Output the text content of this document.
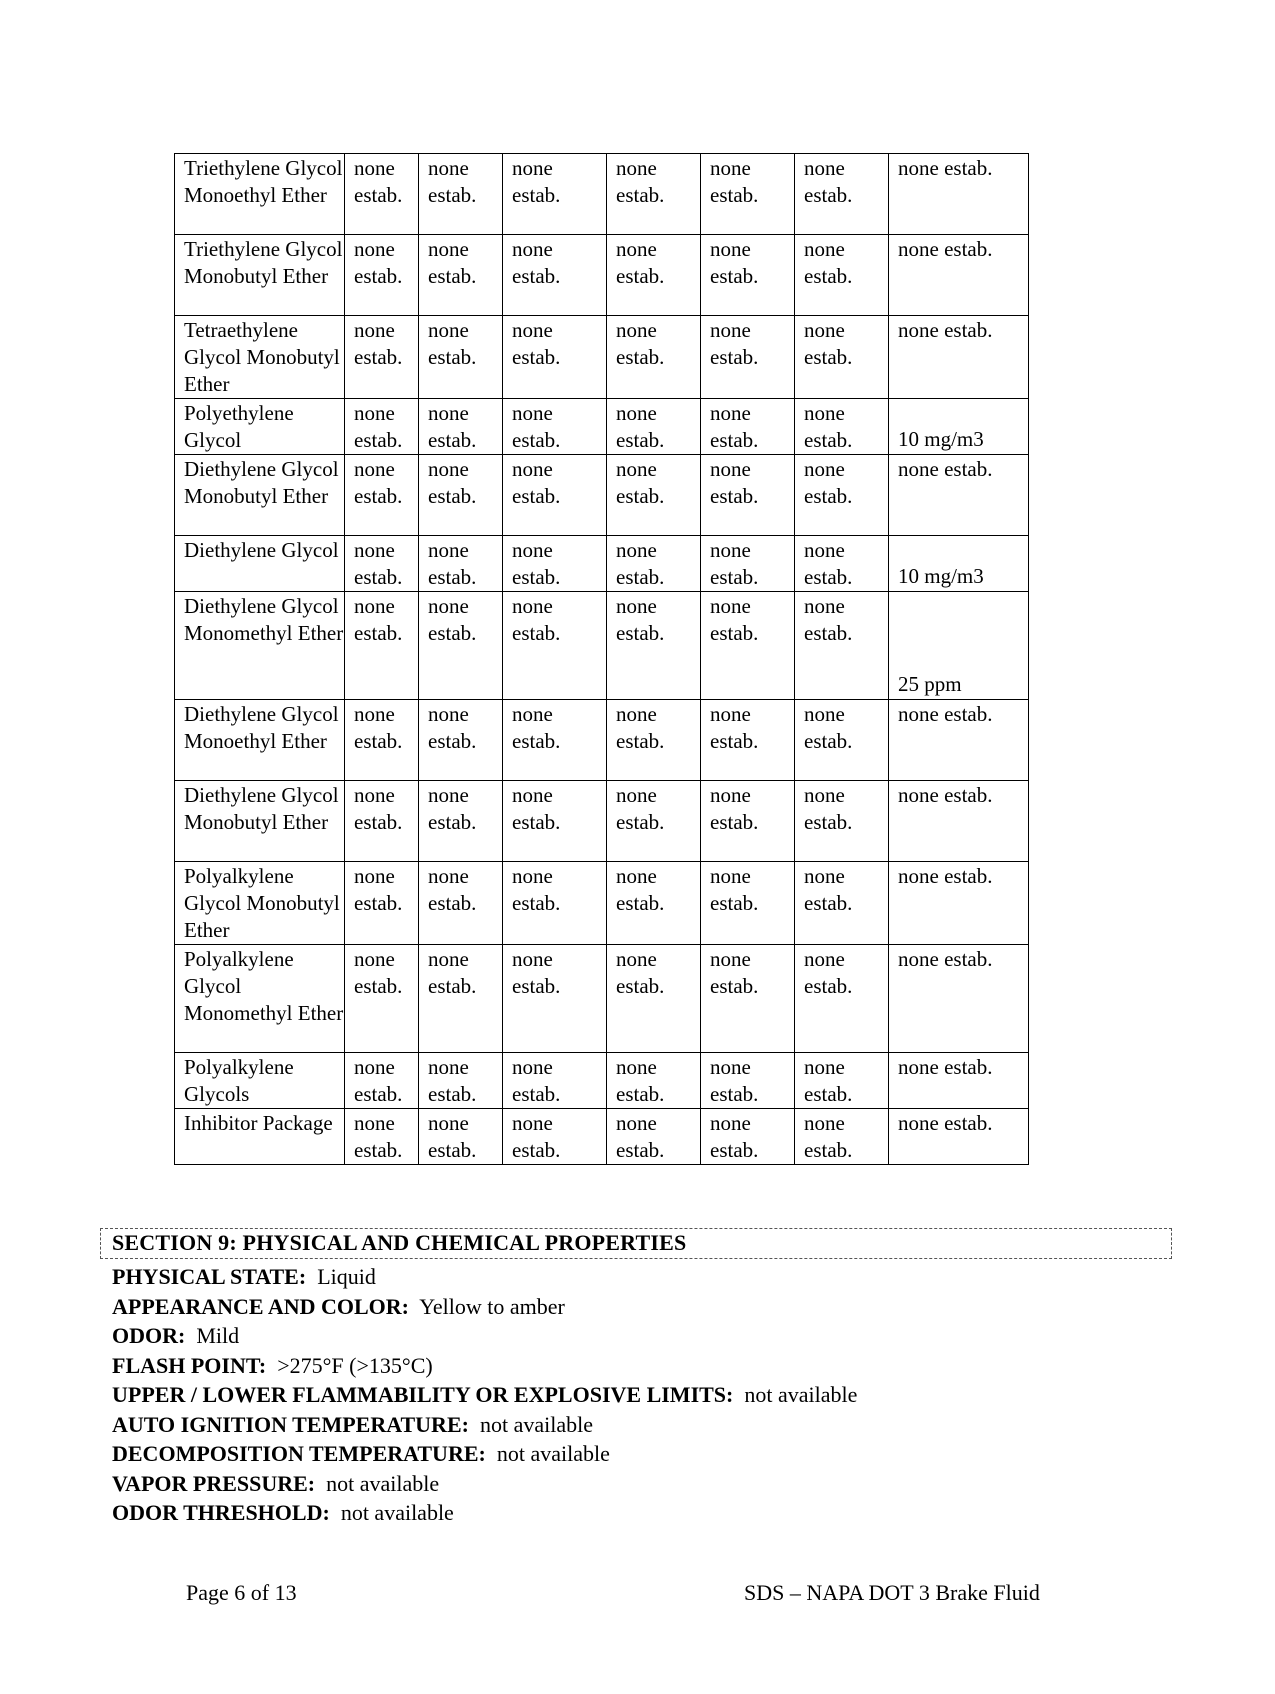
Triethylene Glycol Monoethyl Ether	none estab.	none estab.	none estab.	none estab.	none estab.	none estab.	none estab.
Triethylene Glycol Monobutyl Ether	none estab.	none estab.	none estab.	none estab.	none estab.	none estab.	none estab.
Tetraethylene Glycol Monobutyl Ether	none estab.	none estab.	none estab.	none estab.	none estab.	none estab.	none estab.
Polyethylene Glycol	none estab.	none estab.	none estab.	none estab.	none estab.	none estab.	10 mg/m3
Diethylene Glycol Monobutyl Ether	none estab.	none estab.	none estab.	none estab.	none estab.	none estab.	none estab.
Diethylene Glycol	none estab.	none estab.	none estab.	none estab.	none estab.	none estab.	10 mg/m3
Diethylene Glycol Monomethyl Ether	none estab.	none estab.	none estab.	none estab.	none estab.	none estab.	25 ppm
Diethylene Glycol Monoethyl Ether	none estab.	none estab.	none estab.	none estab.	none estab.	none estab.	none estab.
Diethylene Glycol Monobutyl Ether	none estab.	none estab.	none estab.	none estab.	none estab.	none estab.	none estab.
Polyalkylene Glycol Monobutyl Ether	none estab.	none estab.	none estab.	none estab.	none estab.	none estab.	none estab.
Polyalkylene Glycol Monomethyl Ether	none estab.	none estab.	none estab.	none estab.	none estab.	none estab.	none estab.
Polyalkylene Glycols	none estab.	none estab.	none estab.	none estab.	none estab.	none estab.	none estab.
Inhibitor Package	none estab.	none estab.	none estab.	none estab.	none estab.	none estab.	none estab.
SECTION 9: PHYSICAL AND CHEMICAL PROPERTIES
PHYSICAL STATE: Liquid
APPEARANCE AND COLOR: Yellow to amber
ODOR: Mild
FLASH POINT: >275°F (>135°C)
UPPER / LOWER FLAMMABILITY OR EXPLOSIVE LIMITS: not available
AUTO IGNITION TEMPERATURE: not available
DECOMPOSITION TEMPERATURE: not available
VAPOR PRESSURE: not available
ODOR THRESHOLD: not available
Page 6 of 13	SDS – NAPA DOT 3 Brake Fluid
